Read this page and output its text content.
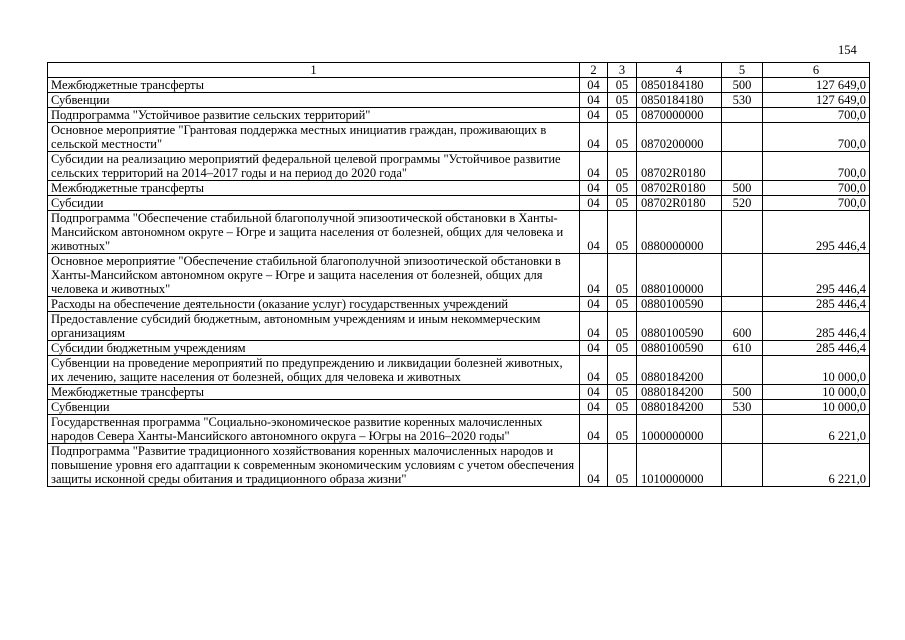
154
1	2	3	4	5	6
Межбюджетные трансферты	04	05	0850184180	500	127 649,0
Субвенции	04	05	0850184180	530	127 649,0
Подпрограмма "Устойчивое развитие сельских территорий"	04	05	0870000000		700,0
Основное мероприятие "Грантовая поддержка местных инициатив граждан, проживающих в сельской местности"	04	05	0870200000		700,0
Субсидии на реализацию мероприятий федеральной целевой программы "Устойчивое развитие сельских территорий на 2014–2017 годы и на период до 2020 года"	04	05	08702R0180		700,0
Межбюджетные трансферты	04	05	08702R0180	500	700,0
Субсидии	04	05	08702R0180	520	700,0
Подпрограмма "Обеспечение стабильной благополучной эпизоотической обстановки в Ханты-Мансийском автономном округе – Югре и защита населения от болезней, общих для человека и животных"	04	05	0880000000		295 446,4
Основное мероприятие "Обеспечение стабильной благополучной эпизоотической обстановки в Ханты-Мансийском автономном округе – Югре и защита населения от болезней, общих для человека и животных"	04	05	0880100000		295 446,4
Расходы на обеспечение деятельности (оказание услуг) государственных учреждений	04	05	0880100590		285 446,4
Предоставление субсидий бюджетным, автономным учреждениям и иным некоммерческим организациям	04	05	0880100590	600	285 446,4
Субсидии бюджетным учреждениям	04	05	0880100590	610	285 446,4
Субвенции на проведение мероприятий по предупреждению и ликвидации болезней животных, их лечению, защите населения от болезней, общих для человека и животных	04	05	0880184200		10 000,0
Межбюджетные трансферты	04	05	0880184200	500	10 000,0
Субвенции	04	05	0880184200	530	10 000,0
Государственная программа "Социально-экономическое развитие коренных малочисленных народов Севера Ханты-Мансийского автономного округа – Югры на 2016–2020 годы"	04	05	1000000000		6 221,0
Подпрограмма "Развитие традиционного хозяйствования коренных малочисленных народов и повышение уровня его адаптации к современным экономическим условиям с учетом обеспечения защиты исконной среды обитания и традиционного образа жизни"	04	05	1010000000		6 221,0
